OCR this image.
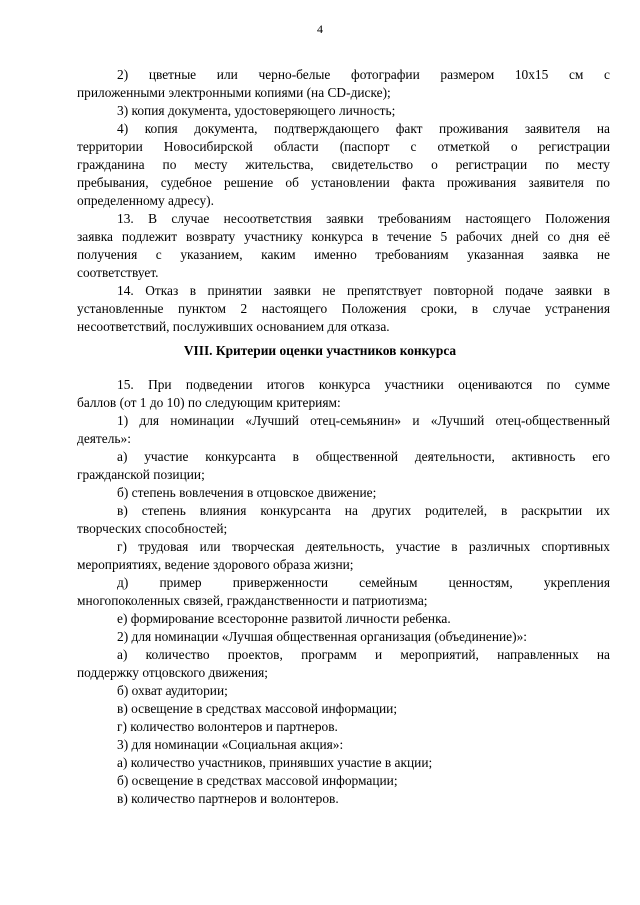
4
2) цветные или черно-белые фотографии размером 10х15 см с
приложенными электронными копиями (на CD-диске);
3) копия документа, удостоверяющего личность;
4) копия документа, подтверждающего факт проживания заявителя на
территории Новосибирской области (паспорт с отметкой о регистрации
гражданина по месту жительства, свидетельство о регистрации по месту
пребывания, судебное решение об установлении факта проживания заявителя по
определенному адресу).
13. В случае несоответствия заявки требованиям настоящего Положения
заявка подлежит возврату участнику конкурса в течение 5 рабочих дней со дня её
получения с указанием, каким именно требованиям указанная заявка не
соответствует.
14. Отказ в принятии заявки не препятствует повторной подаче заявки в
установленные пунктом 2 настоящего Положения сроки, в случае устранения
несоответствий, послуживших основанием для отказа.
VIII. Критерии оценки участников конкурса
15. При подведении итогов конкурса участники оцениваются по сумме
баллов (от 1 до 10) по следующим критериям:
1) для номинации «Лучший отец-семьянин» и «Лучший отец-общественный
деятель»:
а) участие конкурсанта в общественной деятельности, активность его
гражданской позиции;
б) степень вовлечения в отцовское движение;
в) степень влияния конкурсанта на других родителей, в раскрытии их
творческих способностей;
г) трудовая или творческая деятельность, участие в различных спортивных
мероприятиях, ведение здорового образа жизни;
д) пример приверженности семейным ценностям, укрепления
многопоколенных связей, гражданственности и патриотизма;
е) формирование всесторонне развитой личности ребенка.
2) для номинации «Лучшая общественная организация (объединение)»:
а) количество проектов, программ и мероприятий, направленных на
поддержку отцовского движения;
б) охват аудитории;
в) освещение в средствах массовой информации;
г) количество волонтеров и партнеров.
3) для номинации «Социальная акция»:
а) количество участников, принявших участие в акции;
б) освещение в средствах массовой информации;
в) количество партнеров и волонтеров.
